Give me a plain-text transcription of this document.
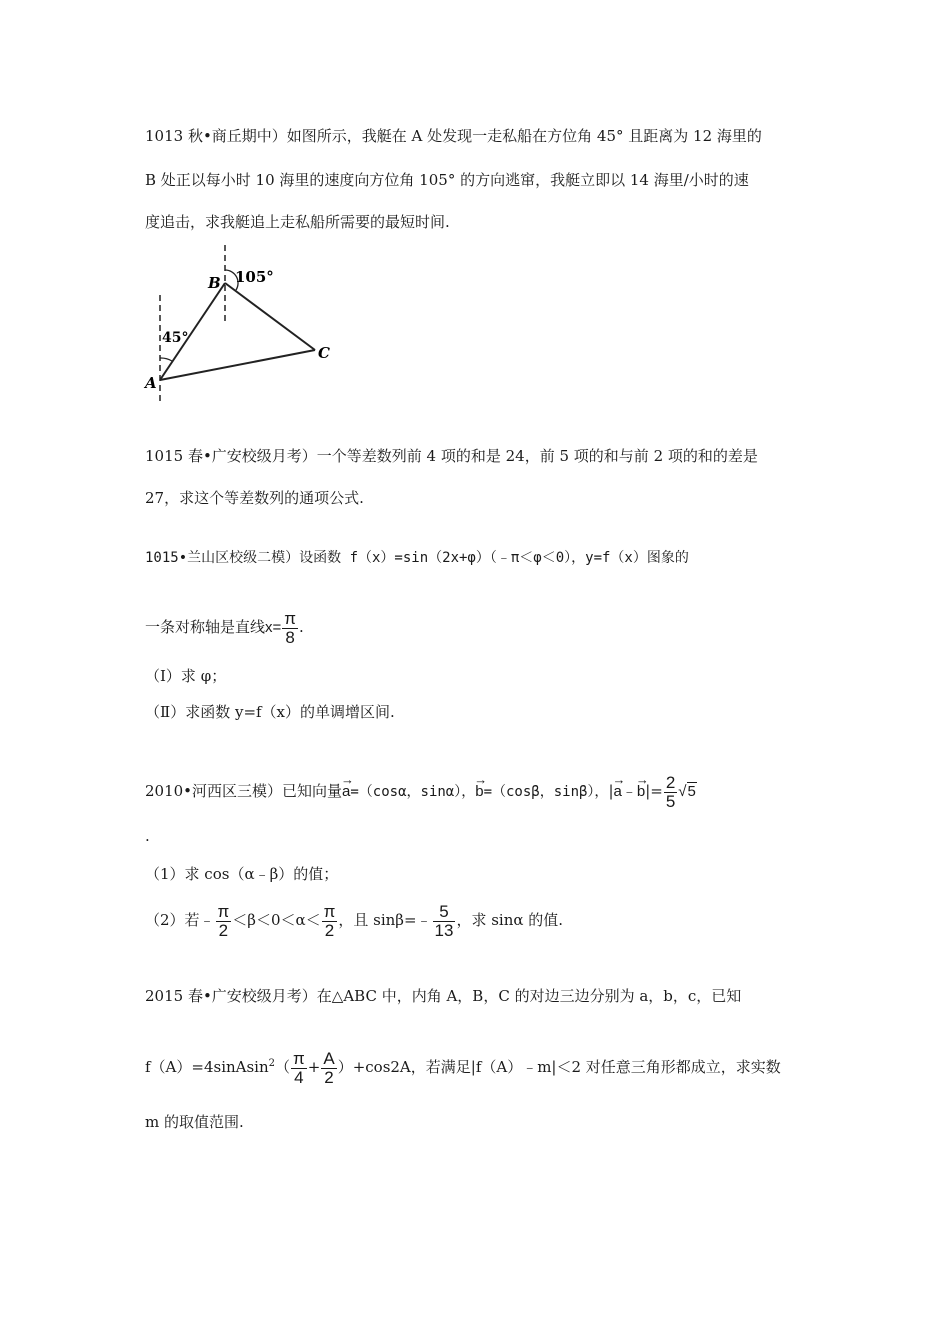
1013 秋•商丘期中）如图所示，我艇在 A 处发现一走私船在方位角 45° 且距离为 12 海里的
B 处正以每小时 10 海里的速度向方位角 105° 的方向逃窜，我艇立即以 14 海里/小时的速
度追击，求我艇追上走私船所需要的最短时间.
A
B
C
45°
105°
1015 春•广安校级月考）一个等差数列前 4 项的和是 24，前 5 项的和与前 2 项的和的差是
27，求这个等差数列的通项公式.
1015•兰山区校级二模）设函数 f（x）=sin（2x+φ）（﹣π＜φ＜0），y=f（x）图象的
一条对称轴是直线$x= \frac{\pi}{8}$ .
（Ⅰ）求 φ；
（Ⅱ）求函数 y=f（x）的单调增区间.
2010•河西区三模）已知向量→ a=（cosα，sinα），→ b=（cosβ，sinβ），|→ a﹣→ $b|= \frac{2}{5} √5$
.
（1）求 cos（α﹣β）的值；
（2）若﹣ $\frac{\pi}{2} <\beta<0<\alpha< \frac{\pi}{2}$ ，且 sinβ=﹣ $\frac{5}{13}$ ，求 sinα 的值.
2015 春•广安校级月考）在△ABC 中，内角 A，B，C 的对边三边分别为 a，b，c，已知
f（A）=4sinAsin$^2$（ $\frac{\pi}{4} + \frac{A}{2} )+\cos 2A$，若满足|f（A）﹣m|＜2 对任意三角形都成立，求实数
m 的取值范围.
